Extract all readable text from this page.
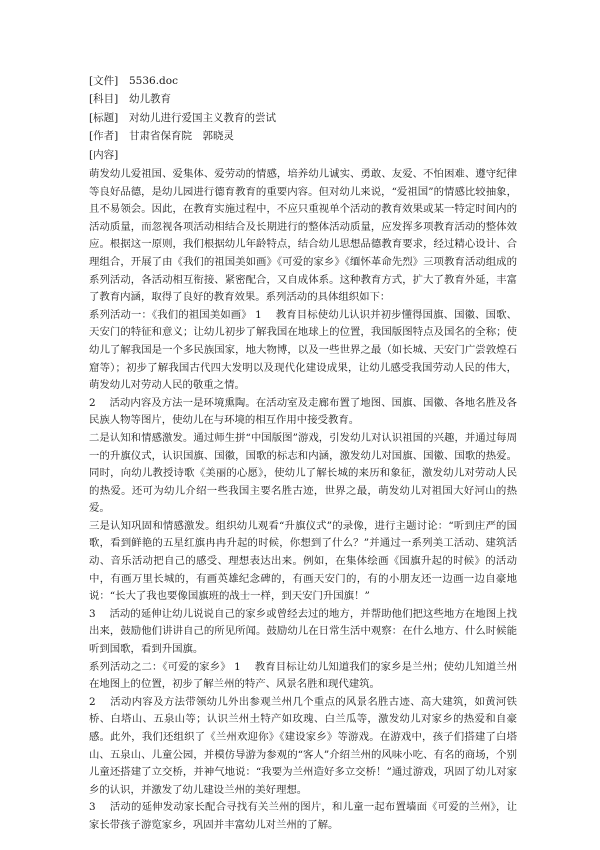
[文件] 5536.doc
[科目] 幼儿教育
[标题] 对幼儿进行爱国主义教育的尝试
[作者] 甘肃省保育院　郭晓灵
[内容]

萌发幼儿爱祖国、爱集体、爱劳动的情感，培养幼儿诚实、勇敢、友爱、不怕困难、遵守纪律等良好品德，是幼儿园进行德育教育的重要内容。但对幼儿来说，“爱祖国”的情感比较抽象，且不易领会。因此，在教育实施过程中，不应只重视单个活动的教育效果或某一特定时间内的活动质量，而忽视各项活动相结合及长期进行的整体活动质量，应发挥多项教育活动的整体效应。根据这一原则，我们根据幼儿年龄特点，结合幼儿思想品德教育要求，经过精心设计、合理组合，开展了由《我们的祖国美如画》《可爱的家乡》《缅怀革命先烈》三项教育活动组成的系列活动，各活动相互衔接、紧密配合，又自成体系。这种教育方式，扩大了教育外延，丰富了教育内涵，取得了良好的教育效果。系列活动的具体组织如下：

系列活动一：《我们的祖国美如画》 1　 教育目标使幼儿认识并初步懂得国旗、国徽、国歌、天安门的特征和意义；让幼儿初步了解我国在地球上的位置，我国版图特点及国名的全称；使幼儿了解我国是一个多民族国家，地大物博，以及一些世界之最（如长城、天安门广尝敦煌石窟等）；初步了解我国古代四大发明以及现代化建设成果，让幼儿感受我国劳动人民的伟大，萌发幼儿对劳动人民的敬重之情。

2　 活动内容及方法一是环境熏陶。在活动室及走廊布置了地图、国旗、国徽、各地名胜及各民族人物等图片，使幼儿在与环境的相互作用中接受教育。

二是认知和情感激发。通过师生拼“中国版图”游戏，引发幼儿对认识祖国的兴趣，并通过每周一的升旗仪式，认识国旗、国徽，国歌的标志和内涵，激发幼儿对国旗、国徽、国歌的热爱。同时，向幼儿教授诗歌《美丽的心愿》，使幼儿了解长城的来历和象征，激发幼儿对劳动人民的热爱。还可为幼儿介绍一些我国主要名胜古迹，世界之最，萌发幼儿对祖国大好河山的热爱。

三是认知巩固和情感激发。组织幼儿观看“升旗仪式”的录像，进行主题讨论：“听到庄严的国歌，看到鲜艳的五星红旗冉冉升起的时候，你想到了什么？”并通过一系列美工活动、建筑活动、音乐活动把自己的感受、理想表达出来。例如，在集体绘画《国旗升起的时候》的活动中，有画万里长城的，有画英雄纪念碑的，有画天安门的，有的小朋友还一边画一边自豪地说：“长大了我也要像国旗班的战士一样，到天安门升国旗！”

3　 活动的延伸让幼儿说说自己的家乡或曾经去过的地方，并帮助他们把这些地方在地图上找出来，鼓励他们讲讲自己的所见所闻。鼓励幼儿在日常生活中观察：在什么地方、什么时候能听到国歌，看到升国旗。

系列活动之二：《可爱的家乡》 1　 教育目标让幼儿知道我们的家乡是兰州；使幼儿知道兰州在地图上的位置，初步了解兰州的特产、风景名胜和现代建筑。

2　 活动内容及方法带领幼儿外出参观兰州几个重点的风景名胜古迹、高大建筑，如黄河铁桥、白塔山、五泉山等；认识兰州土特产如玫瑰、白兰瓜等，激发幼儿对家乡的热爱和自豪感。此外，我们还组织了《兰州欢迎你》《建设家乡》等游戏。在游戏中，孩子们搭建了白塔山、五泉山、儿童公园，并模仿导游为参观的“客人”介绍兰州的风味小吃、有名的商场，个别儿童还搭建了立交桥，并神气地说：“我要为兰州造好多立交桥！”通过游戏，巩固了幼儿对家乡的认识，并激发了幼儿建设兰州的美好理想。

3　 活动的延伸发动家长配合寻找有关兰州的图片，和儿童一起布置墙面《可爱的兰州》，让家长带孩子游览家乡，巩固并丰富幼儿对兰州的了解。
